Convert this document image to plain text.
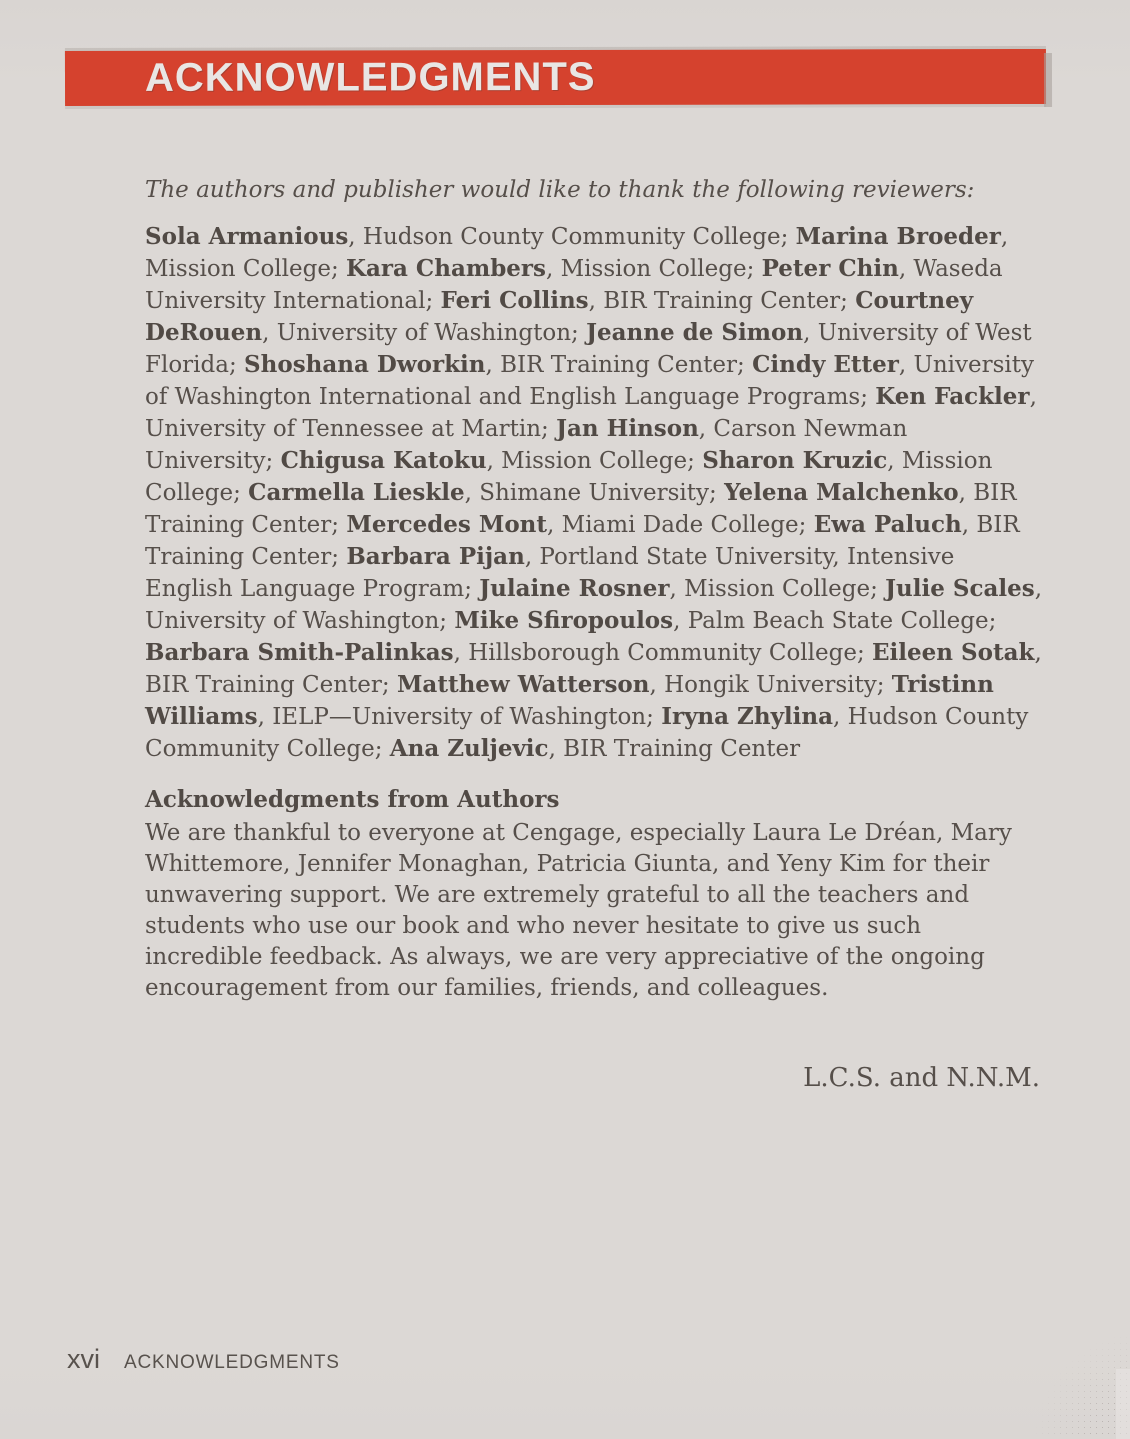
ACKNOWLEDGMENTS

The authors and publisher would like to thank the following reviewers:

Sola Armanious, Hudson County Community College; Marina Broeder, Mission College; Kara Chambers, Mission College; Peter Chin, Waseda University International; Feri Collins, BIR Training Center; Courtney DeRouen, University of Washington; Jeanne de Simon, University of West Florida; Shoshana Dworkin, BIR Training Center; Cindy Etter, University of Washington International and English Language Programs; Ken Fackler, University of Tennessee at Martin; Jan Hinson, Carson Newman University; Chigusa Katoku, Mission College; Sharon Kruzic, Mission College; Carmella Lieskle, Shimane University; Yelena Malchenko, BIR Training Center; Mercedes Mont, Miami Dade College; Ewa Paluch, BIR Training Center; Barbara Pijan, Portland State University, Intensive English Language Program; Julaine Rosner, Mission College; Julie Scales, University of Washington; Mike Sfiropoulos, Palm Beach State College; Barbara Smith-Palinkas, Hillsborough Community College; Eileen Sotak, BIR Training Center; Matthew Watterson, Hongik University; Tristinn Williams, IELP—University of Washington; Iryna Zhylina, Hudson County Community College; Ana Zuljevic, BIR Training Center

Acknowledgments from Authors

We are thankful to everyone at Cengage, especially Laura Le Dréan, Mary Whittemore, Jennifer Monaghan, Patricia Giunta, and Yeny Kim for their unwavering support. We are extremely grateful to all the teachers and students who use our book and who never hesitate to give us such incredible feedback. As always, we are very appreciative of the ongoing encouragement from our families, friends, and colleagues.

L.C.S. and N.N.M.
xvi ACKNOWLEDGMENTS
